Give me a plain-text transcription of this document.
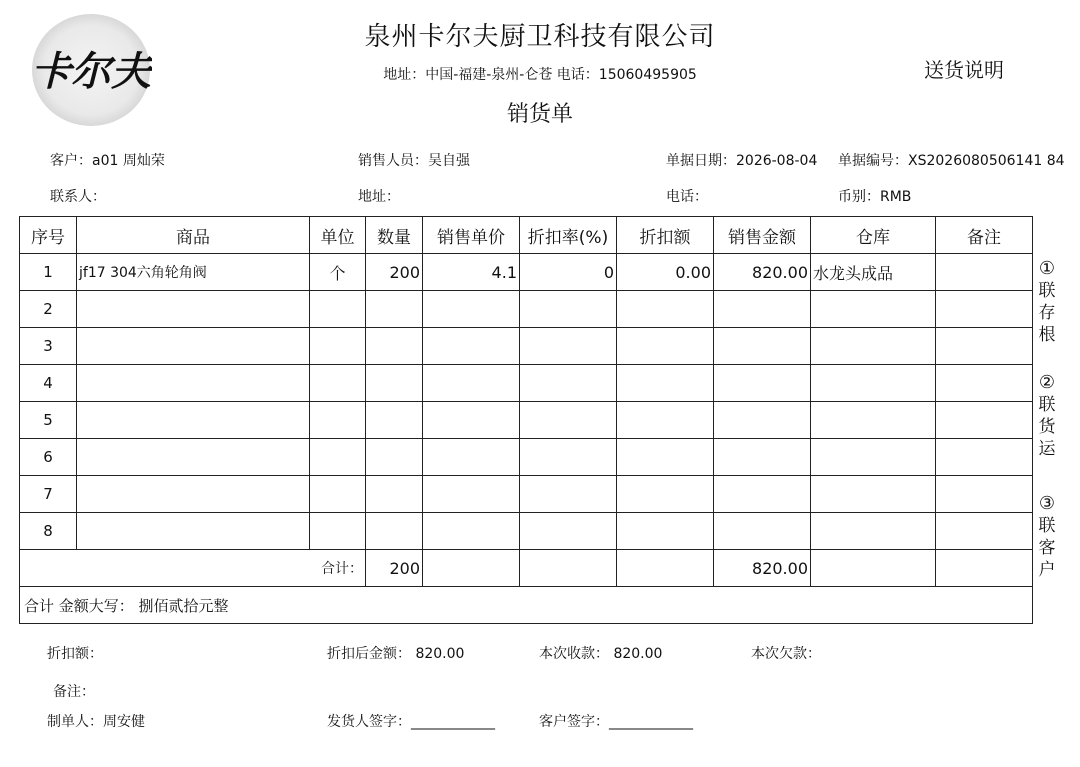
卡尔夫
泉州卡尔夫厨卫科技有限公司
地址：中国-福建-泉州-仑苍 电话：15060495905	送货说明
销货单
客户：a01 周灿荣	销售人员：吴自强	单据日期：2026-08-04 单据编号：XS2026080506141 84
联系人：	地址：	电话：	币别：RMB
序号	商品	单位	数量	销售单价	折扣率(%)	折扣额	销售金额	仓库	备注
1	jf17 304六角轮角阀	个	200	4.1	0	0.00	820.00	水龙头成品	
2									
3									
4									
5									
6									
7									
8									
合计：			200				820.00		
合计 金额大写： 捌佰贰拾元整									
①
联
存
根
②
联
货
运
③
联
客
户
折扣额：	折扣后金额： 820.00	本次收款： 820.00	本次欠款：
备注：
制单人：周安健	发货人签字：____________	客户签字：____________
